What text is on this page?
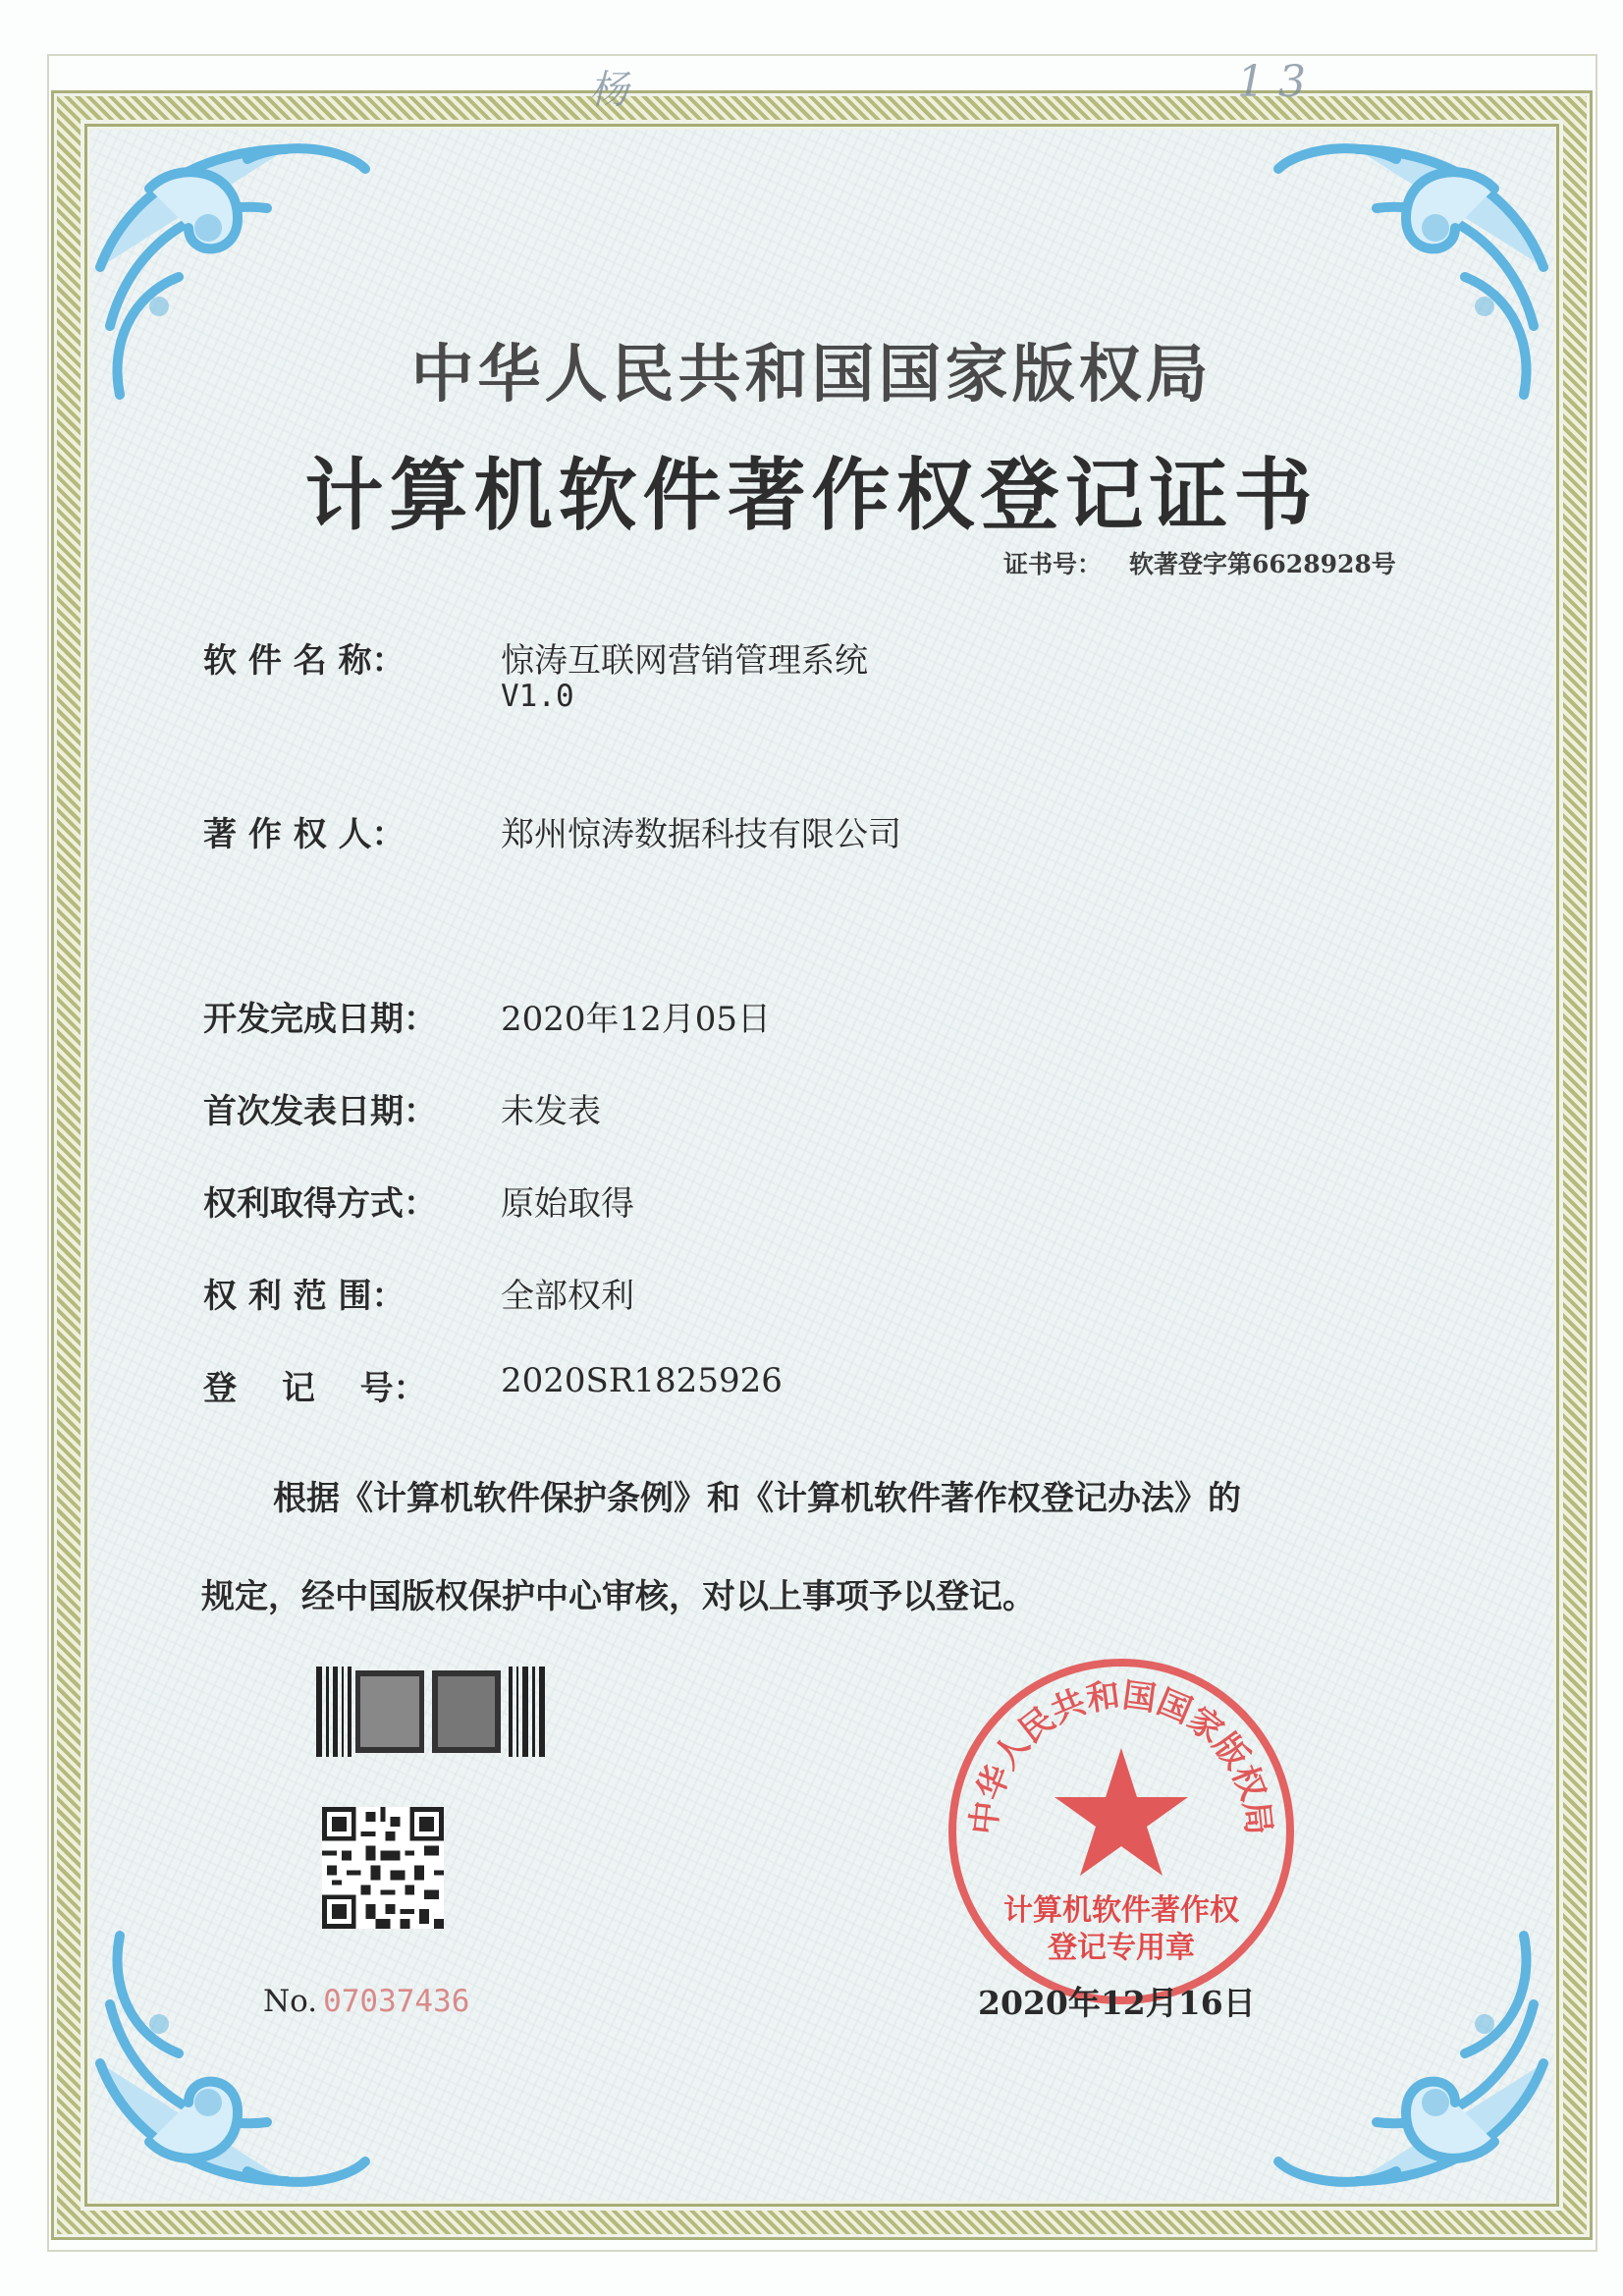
杨	1 3
中华人民共和国国家版权局
计算机软件著作权登记证书
证书号： 软著登字第6628928号
软 件 名 称：	惊涛互联网营销管理系统
V1.0
著 作 权 人：	郑州惊涛数据科技有限公司
开发完成日期： 2020年12月05日
首次发表日期： 未发表
权利取得方式： 原始取得
权 利 范 围：	全部权利
登　 记　 号： 2020SR1825926
根据《计算机软件保护条例》和《计算机软件著作权登记办法》的
规定，经中国版权保护中心审核，对以上事项予以登记。
No. 07037436
中华人民共和国国家版权局
计算机软件著作权
登记专用章
2020年12月16日
